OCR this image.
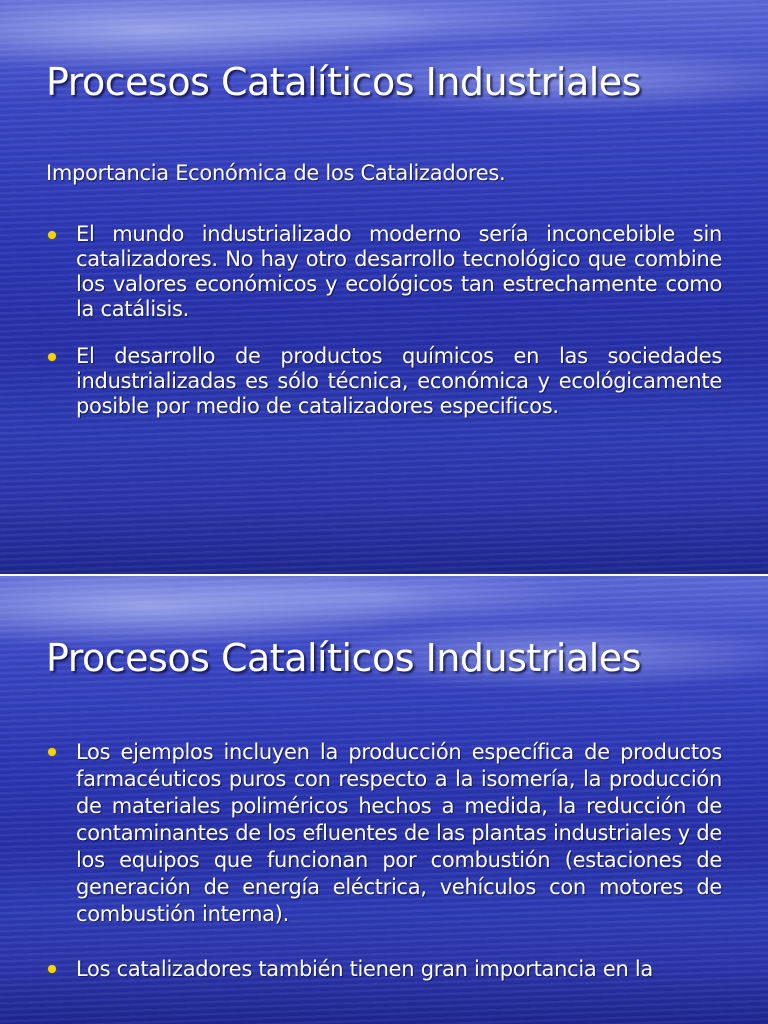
Procesos Catalíticos Industriales
Importancia Económica de los Catalizadores.
El mundo industrializado moderno sería inconcebible sin catalizadores. No hay otro desarrollo tecnológico que combine los valores económicos y ecológicos tan estrechamente como la catálisis.
El desarrollo de productos químicos en las sociedades industrializadas es sólo técnica, económica y ecológicamente posible por medio de catalizadores especificos.
Procesos Catalíticos Industriales
Los ejemplos incluyen la producción específica de productos farmacéuticos puros con respecto a la isomería, la producción de materiales poliméricos hechos a medida, la reducción de contaminantes de los efluentes de las plantas industriales y de los equipos que funcionan por combustión (estaciones de generación de energía eléctrica, vehículos con motores de combustión interna).
Los catalizadores también tienen gran importancia en la
